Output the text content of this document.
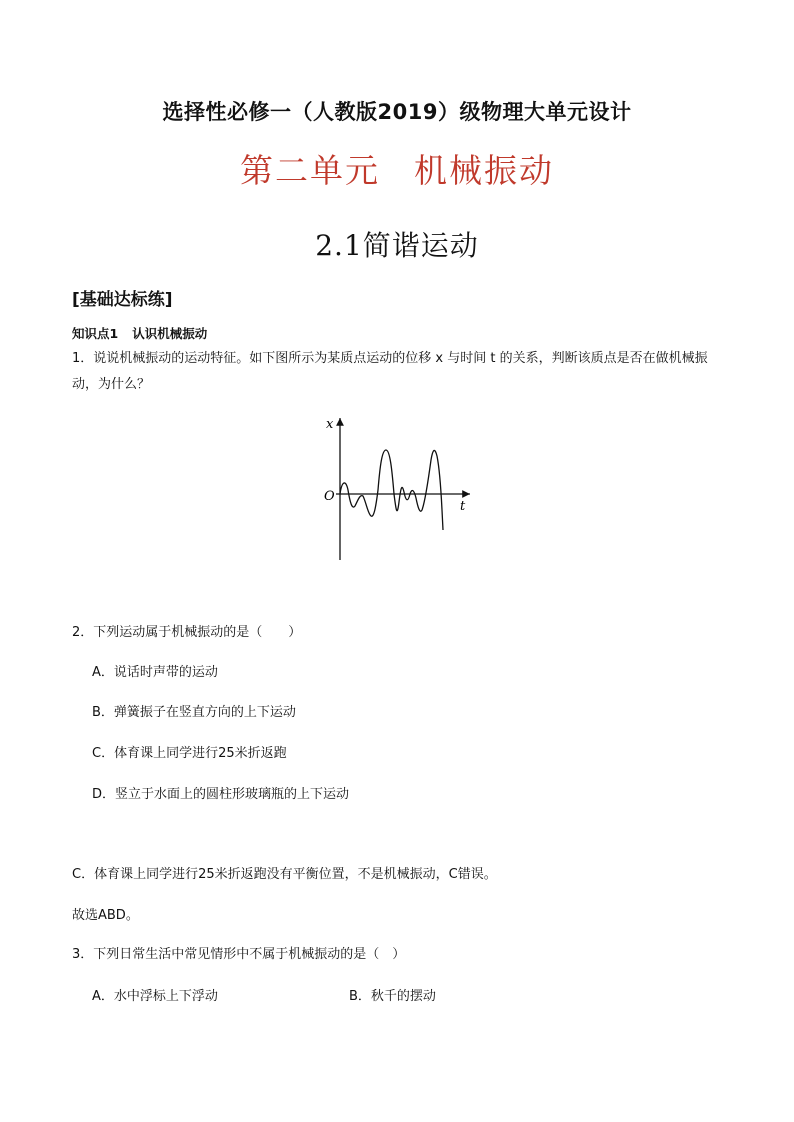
选择性必修一（人教版2019）级物理大单元设计
第二单元 机械振动
2.1简谐运动
[基础达标练]
知识点1 认识机械振动
1．说说机械振动的运动特征。如下图所示为某质点运动的位移 x 与时间 t 的关系，判断该质点是否在做机械振动，为什么？
x
O
t
2．下列运动属于机械振动的是（　　）
A．说话时声带的运动
B．弹簧振子在竖直方向的上下运动
C．体育课上同学进行25米折返跑
D．竖立于水面上的圆柱形玻璃瓶的上下运动
C．体育课上同学进行25米折返跑没有平衡位置，不是机械振动，C错误。
故选ABD。
3．下列日常生活中常见情形中不属于机械振动的是（　）
A．水中浮标上下浮动	B．秋千的摆动
